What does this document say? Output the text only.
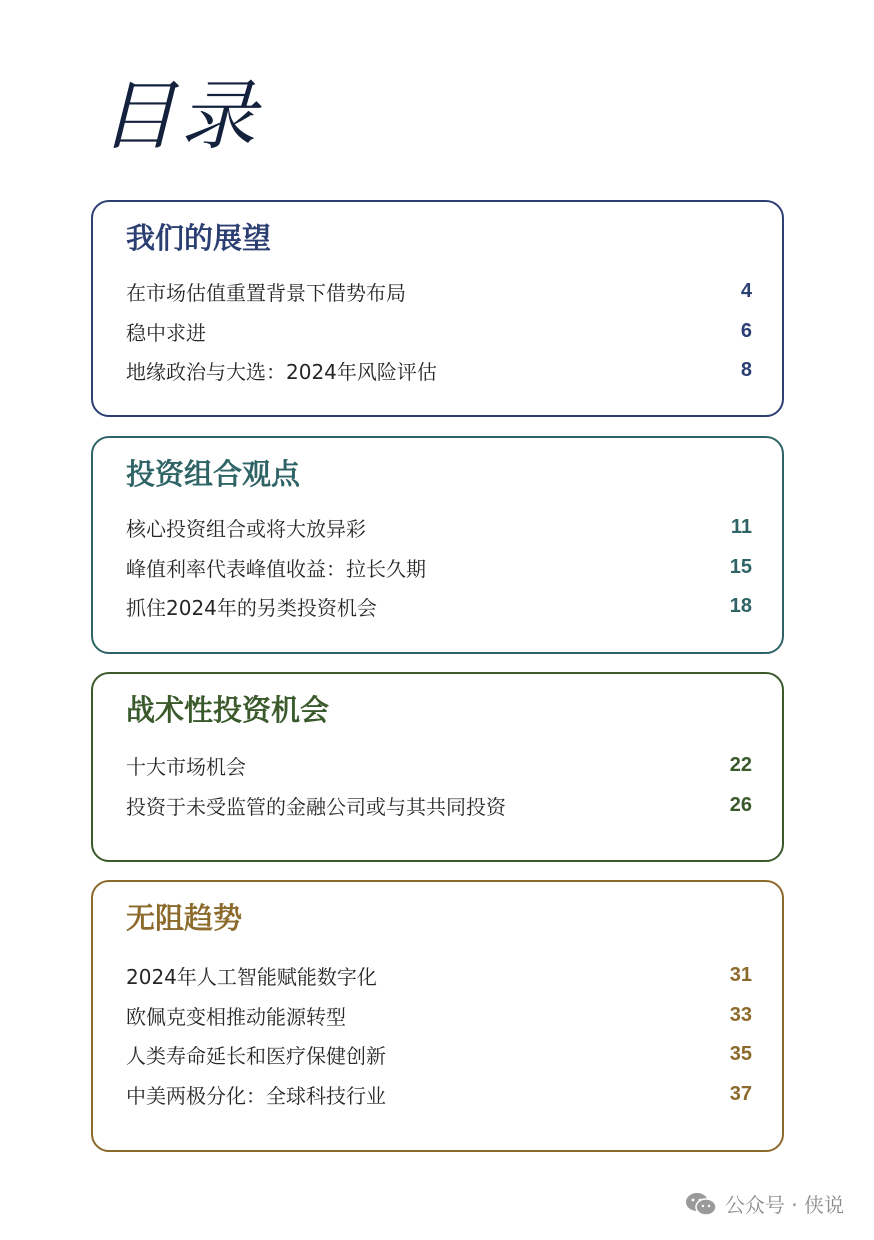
目录
我们的展望
在市场估值重置背景下借势布局	4
稳中求进	6
地缘政治与大选：2024年风险评估	8
投资组合观点
核心投资组合或将大放异彩	11
峰值利率代表峰值收益：拉长久期	15
抓住2024年的另类投资机会	18
战术性投资机会
十大市场机会	22
投资于未受监管的金融公司或与其共同投资	26
无阻趋势
2024年人工智能赋能数字化	31
欧佩克变相推动能源转型	33
人类寿命延长和医疗保健创新	35
中美两极分化：全球科技行业	37
公众号 · 侠说
